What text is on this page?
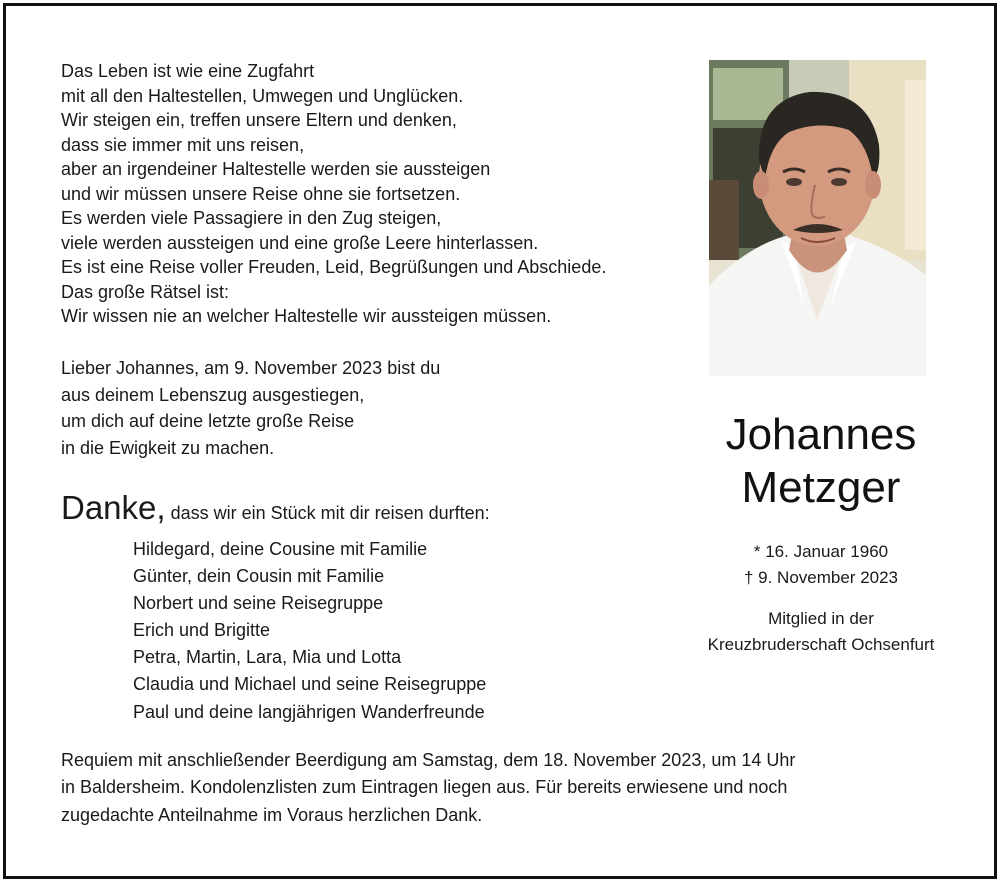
Das Leben ist wie eine Zugfahrt
mit all den Haltestellen, Umwegen und Unglücken.
Wir steigen ein, treffen unsere Eltern und denken,
dass sie immer mit uns reisen,
aber an irgendeiner Haltestelle werden sie aussteigen
und wir müssen unsere Reise ohne sie fortsetzen.
Es werden viele Passagiere in den Zug steigen,
viele werden aussteigen und eine große Leere hinterlassen.
Es ist eine Reise voller Freuden, Leid, Begrüßungen und Abschiede.
Das große Rätsel ist:
Wir wissen nie an welcher Haltestelle wir aussteigen müssen.
Lieber Johannes, am 9. November 2023 bist du
aus deinem Lebenszug ausgestiegen,
um dich auf deine letzte große Reise
in die Ewigkeit zu machen.
Danke, dass wir ein Stück mit dir reisen durften:
Hildegard, deine Cousine mit Familie
Günter, dein Cousin mit Familie
Norbert und seine Reisegruppe
Erich und Brigitte
Petra, Martin, Lara, Mia und Lotta
Claudia und Michael und seine Reisegruppe
Paul und deine langjährigen Wanderfreunde
Johannes
Metzger
* 16. Januar 1960
† 9. November 2023
Mitglied in der
Kreuzbruderschaft Ochsenfurt
Requiem mit anschließender Beerdigung am Samstag, dem 18. November 2023, um 14 Uhr
in Baldersheim. Kondolenzlisten zum Eintragen liegen aus. Für bereits erwiesene und noch
zugedachte Anteilnahme im Voraus herzlichen Dank.
